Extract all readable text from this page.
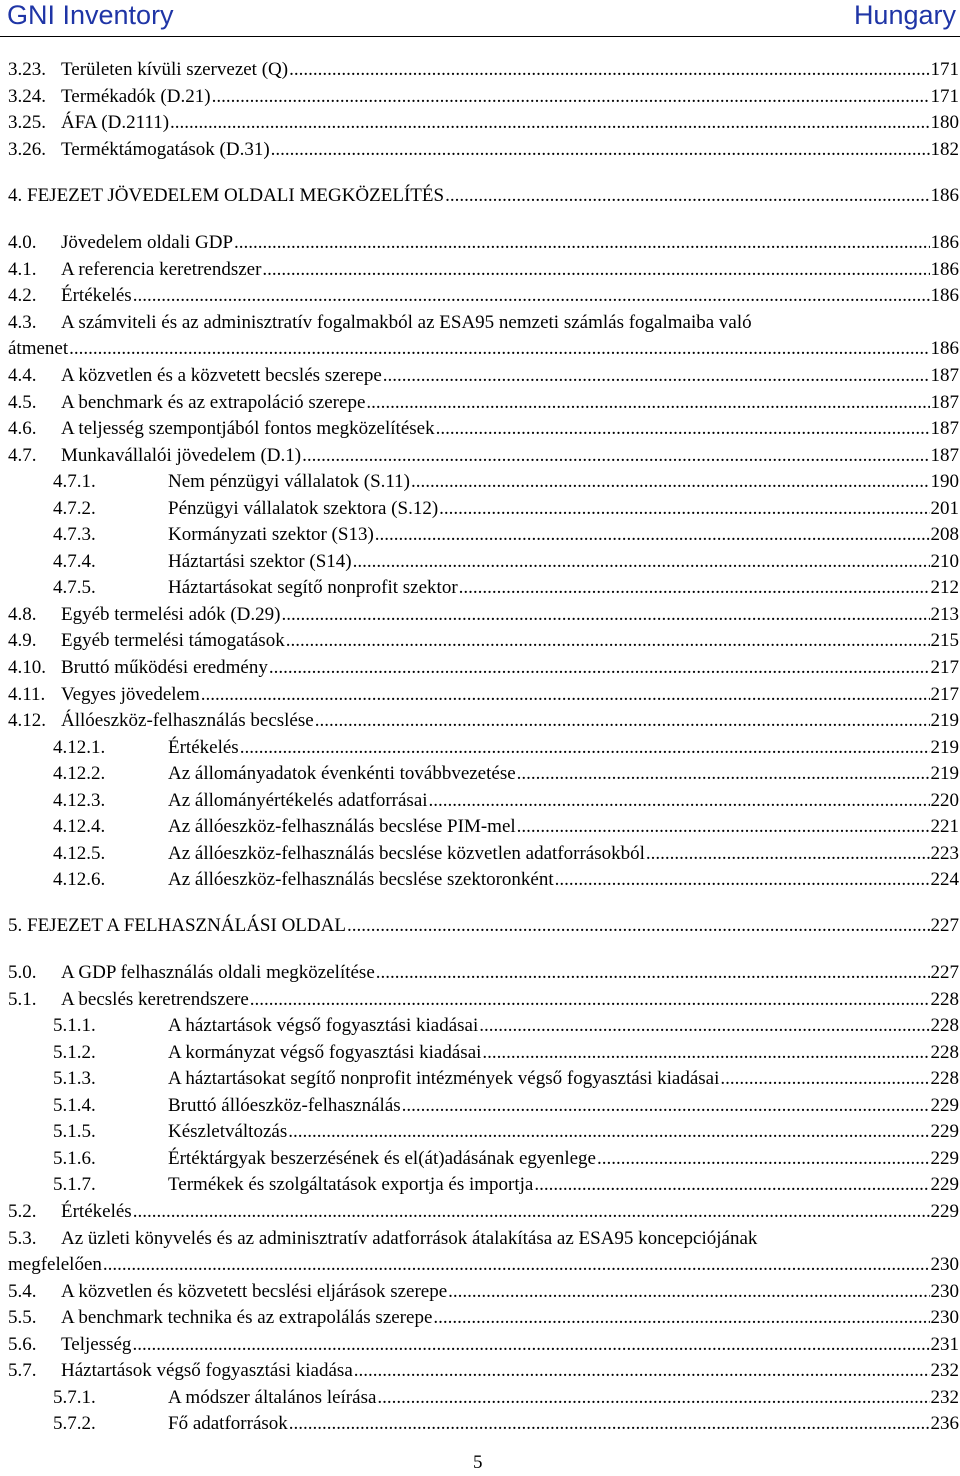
GNI Inventory	Hungary
3.23. Területen kívüli szervezet (Q) .....	171
3.24. Termékadók (D.21) .....	171
3.25. ÁFA (D.2111) .....	180
3.26. Terméktámogatások (D.31) .....	182
4. FEJEZET JÖVEDELEM OLDALI MEGKÖZELÍTÉS .....	186
4.0. Jövedelem oldali GDP .....	186
4.1. A referencia keretrendszer .....	186
4.2. Értékelés .....	186
4.3. A számviteli és az adminisztratív fogalmakból az ESA95 nemzeti számlás fogalmaiba való
átmenet .....	186
4.4. A közvetlen és a közvetett becslés szerepe .....	187
4.5. A benchmark és az extrapoláció szerepe .....	187
4.6. A teljesség szempontjából fontos megközelítések .....	187
4.7. Munkavállalói jövedelem (D.1) .....	187
4.7.1.	Nem pénzügyi vállalatok (S.11) .....	190
4.7.2.	Pénzügyi vállalatok szektora (S.12) .....	201
4.7.3.	Kormányzati szektor (S13) .....	208
4.7.4.	Háztartási szektor (S14) .....	210
4.7.5.	Háztartásokat segítő nonprofit szektor .....	212
4.8. Egyéb termelési adók (D.29) .....	213
4.9. Egyéb termelési támogatások .....	215
4.10. Bruttó működési eredmény .....	217
4.11. Vegyes jövedelem .....	217
4.12. Állóeszköz-felhasználás becslése .....	219
4.12.1.	Értékelés .....	219
4.12.2.	Az állományadatok évenkénti továbbvezetése .....	219
4.12.3.	Az állományértékelés adatforrásai .....	220
4.12.4.	Az állóeszköz-felhasználás becslése PIM-mel .....	221
4.12.5.	Az állóeszköz-felhasználás becslése közvetlen adatforrásokból .....	223
4.12.6.	Az állóeszköz-felhasználás becslése szektoronként .....	224
5. FEJEZET A FELHASZNÁLÁSI OLDAL .....	227
5.0. A GDP felhasználás oldali megközelítése .....	227
5.1. A becslés keretrendszere .....	228
5.1.1.	A háztartások végső fogyasztási kiadásai .....	228
5.1.2.	A kormányzat végső fogyasztási kiadásai .....	228
5.1.3.	A háztartásokat segítő nonprofit intézmények végső fogyasztási kiadásai .....	228
5.1.4.	Bruttó állóeszköz-felhasználás .....	229
5.1.5.	Készletváltozás .....	229
5.1.6.	Értéktárgyak beszerzésének és el(át)adásának egyenlege .....	229
5.1.7.	Termékek és szolgáltatások exportja és importja .....	229
5.2. Értékelés .....	229
5.3. Az üzleti könyvelés és az adminisztratív adatforrások átalakítása az ESA95 koncepciójának
megfelelően .....	230
5.4. A közvetlen és közvetett becslési eljárások szerepe .....	230
5.5. A benchmark technika és az extrapolálás szerepe .....	230
5.6. Teljesség .....	231
5.7. Háztartások végső fogyasztási kiadása .....	232
5.7.1.	A módszer általános leírása .....	232
5.7.2.	Fő adatforrások .....	236
5
